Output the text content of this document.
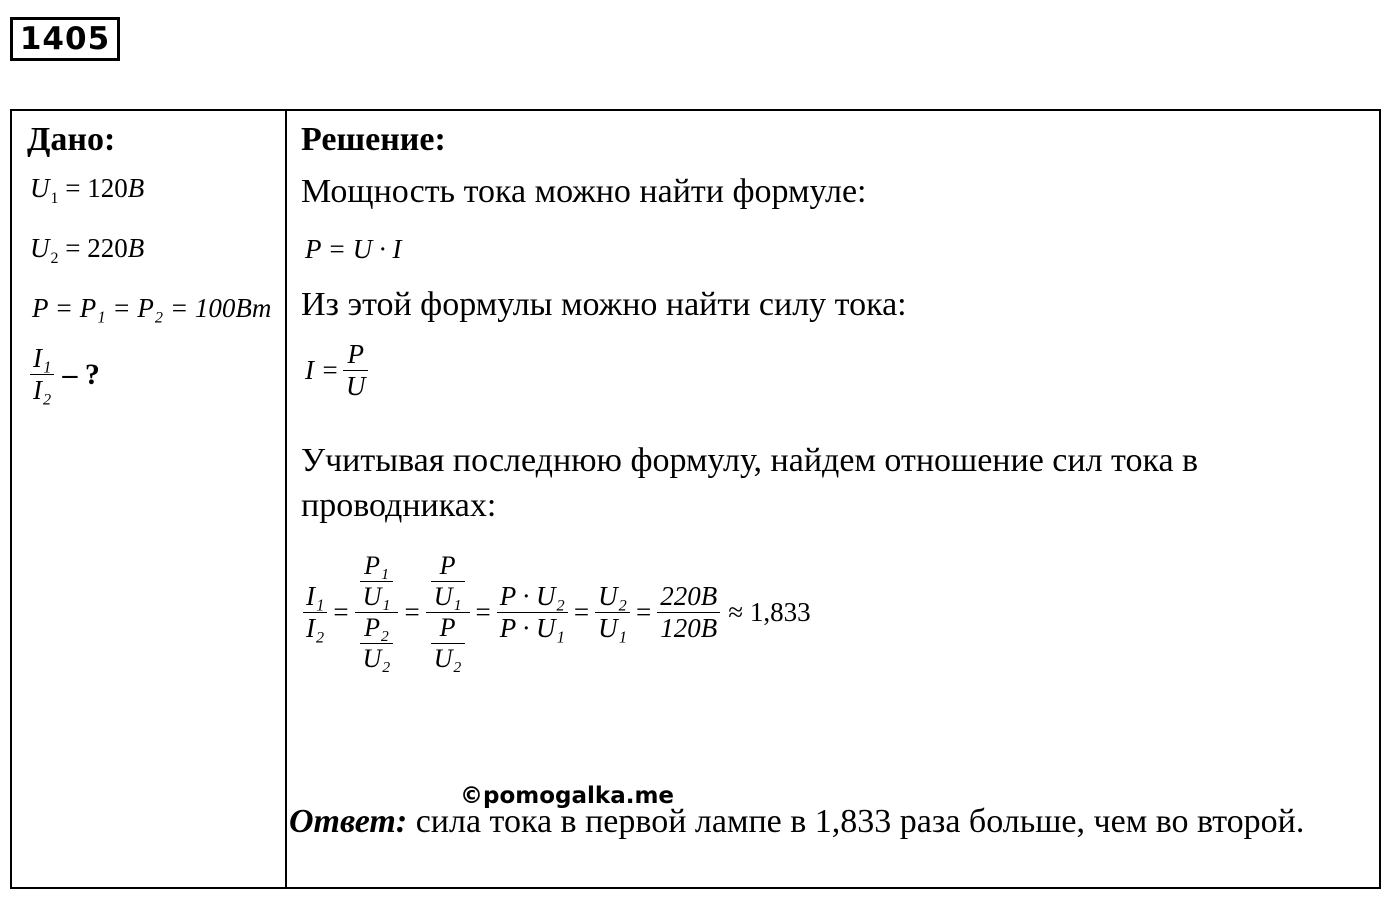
1405
Дано:
$U_1 = 120B$
$U_2 = 220B$
P = P₁ = P₂ = 100Bm
$\frac{\text{I₁}}{\text{I₂}}$ – ?
Решение:
Мощность тока можно найти формуле:
P = U · I
Из этой формулы можно найти силу тока:
$I = \frac{P}{U}$
Учитывая последнюю формулу, найдем отношение сил тока в
проводниках:
$\frac{\text{I₁}}{\text{I₂}} = \frac{\frac{\text{P₁}}{\text{U₁}}}{\frac{\text{P₂}}{\text{U₂}}} = \frac{\frac{P}{\text{U₁}}}{\frac{P}{\text{U₂}}} = \frac{\text{P · U₂}}{\text{P · U₁}} = \frac{\text{U₂}}{\text{U₁}} = \frac{220B}{120B} \approx 1,833$
©pomogalka.me
Ответ: сила тока в первой лампе в 1,833 раза больше, чем во второй.
